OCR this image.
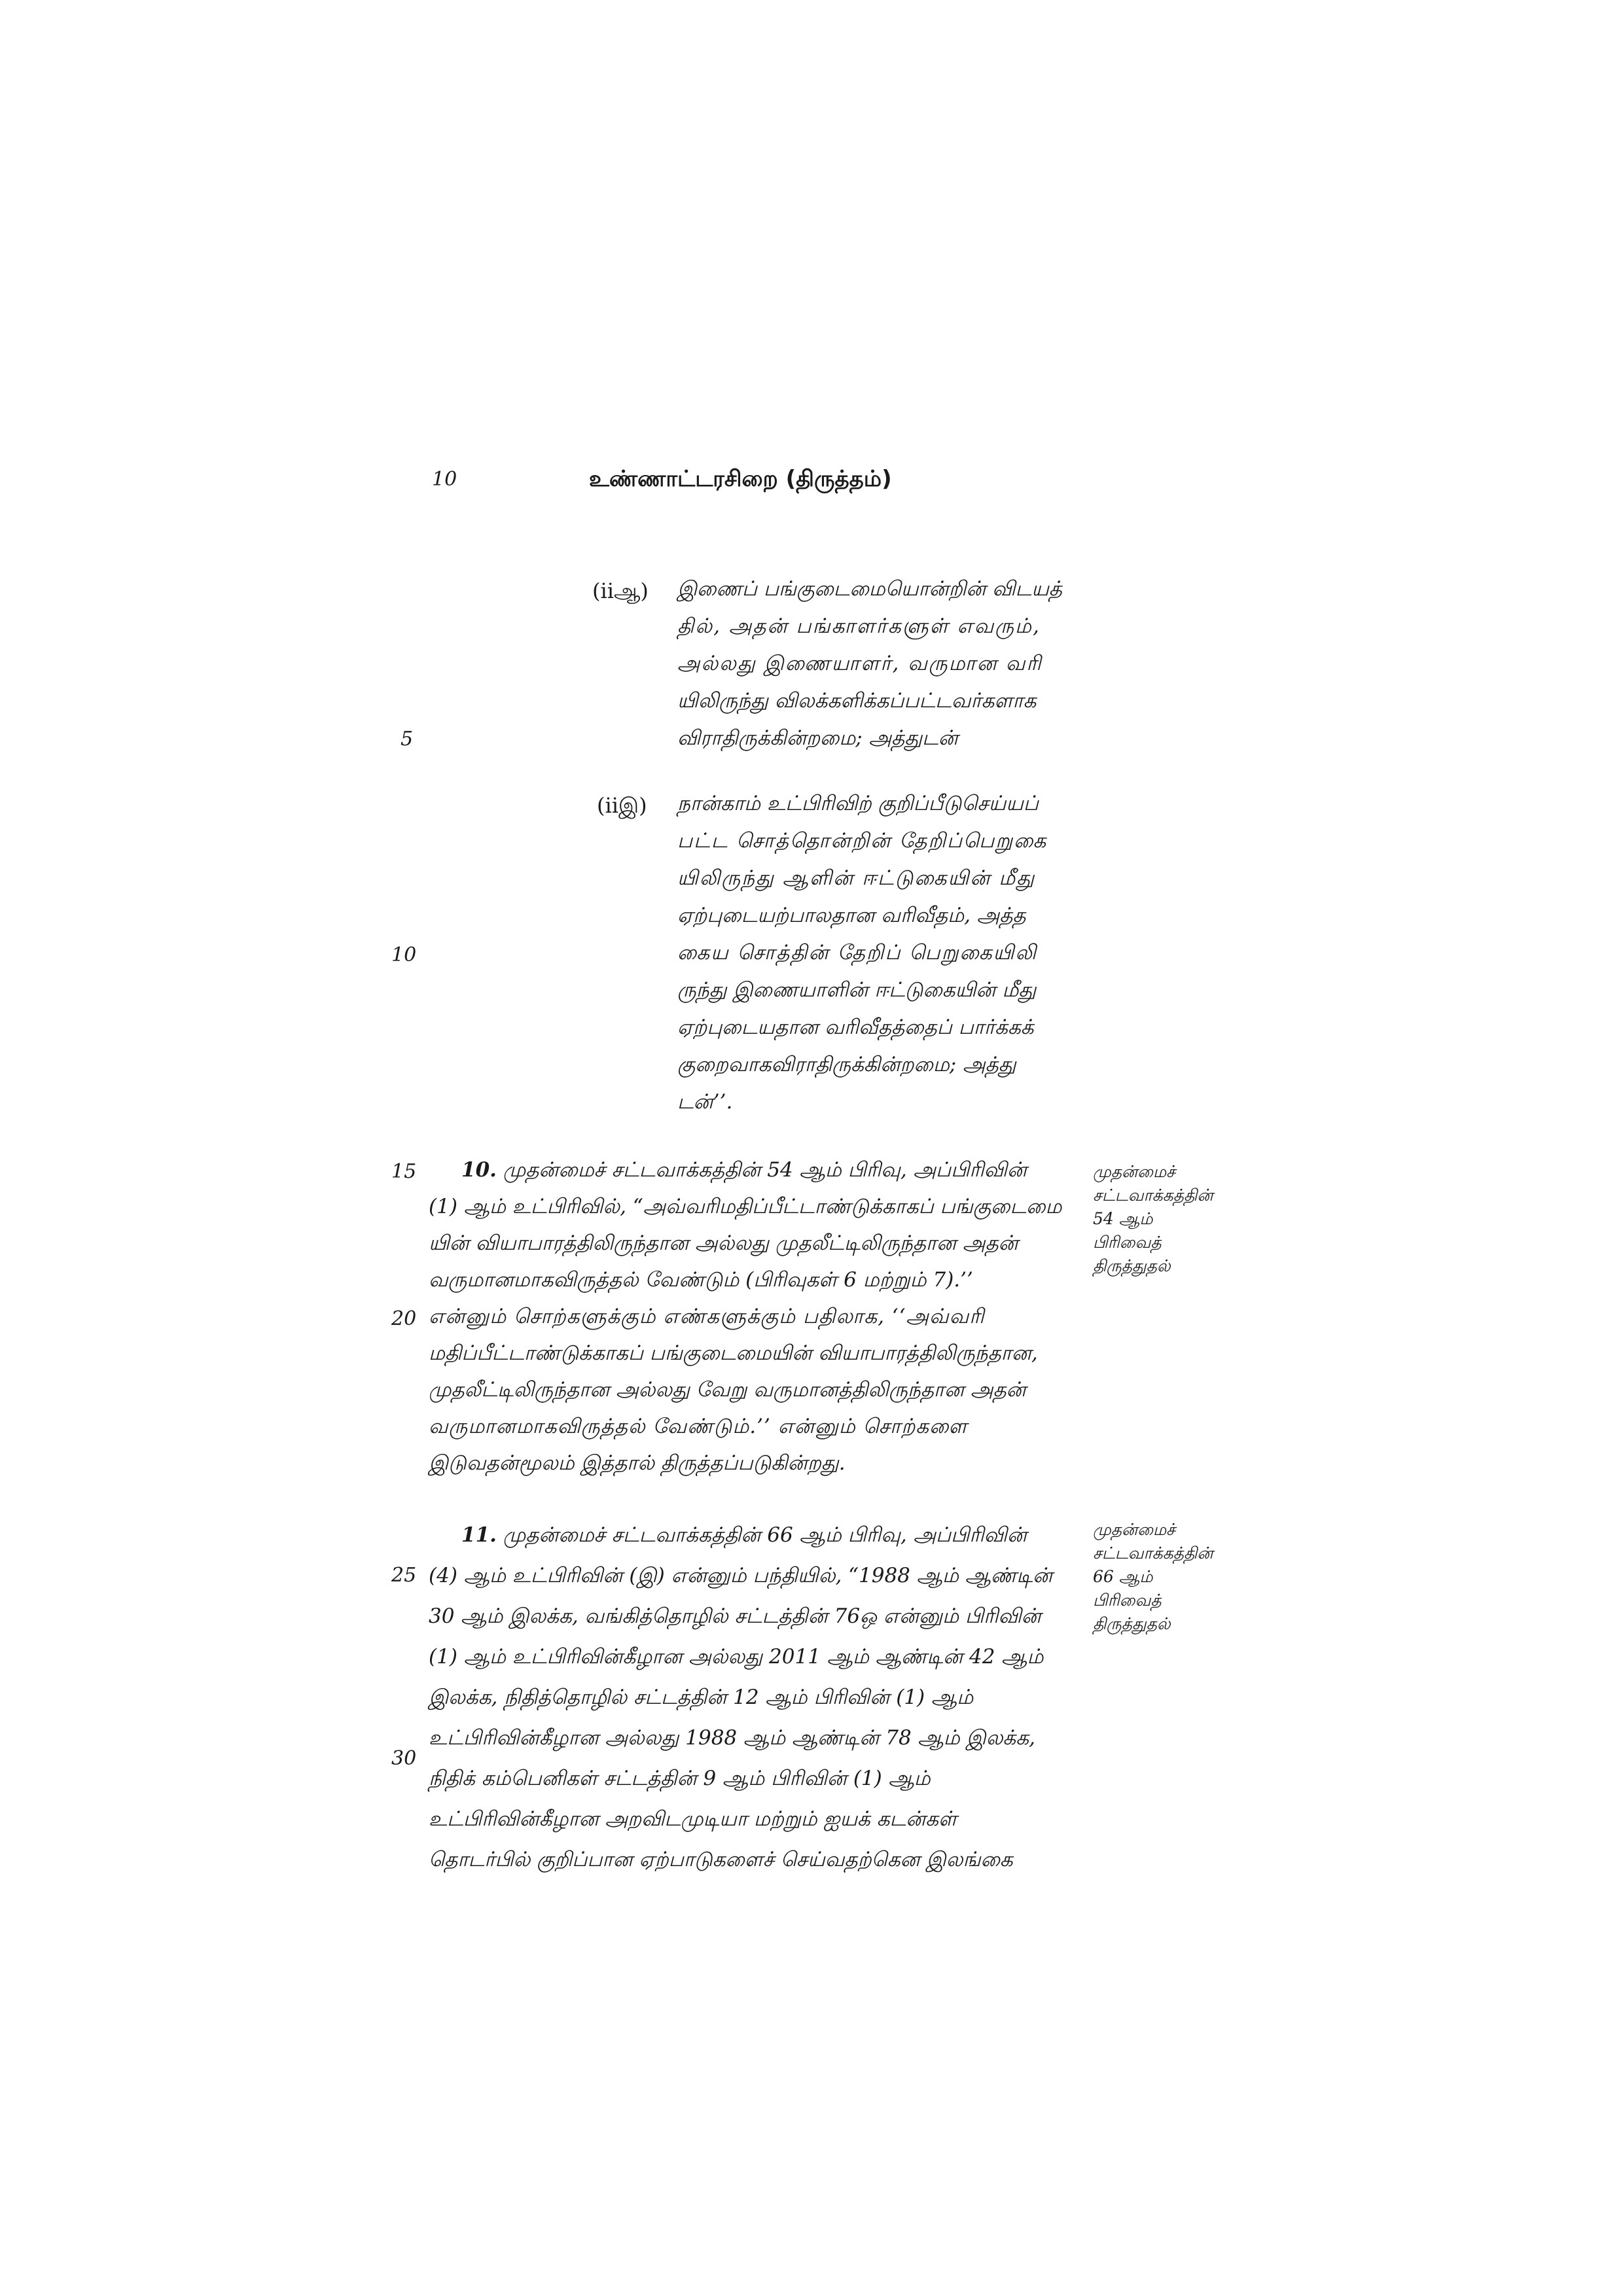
10	உண்ணாட்டரசிறை (திருத்தம்)
5
10
15
20
25
30
(iiஆ) இணைப் பங்குடைமையொன்றின் விடயத்
தில், அதன் பங்காளர்களுள் எவரும்,
அல்லது இணையாளர், வருமான வரி
யிலிருந்து விலக்களிக்கப்பட்டவர்களாக
விராதிருக்கின்றமை; அத்துடன்
(iiஇ) நான்காம் உட்பிரிவிற் குறிப்பீடுசெய்யப்
பட்ட சொத்தொன்றின் தேறிப்பெறுகை
யிலிருந்து ஆளின் ஈட்டுகையின் மீது
ஏற்புடையற்பாலதான வரிவீதம், அத்த
கைய சொத்தின் தேறிப் பெறுகையிலி
ருந்து இணையாளின் ஈட்டுகையின் மீது
ஏற்புடையதான வரிவீதத்தைப் பார்க்கக்
குறைவாகவிராதிருக்கின்றமை; அத்து
டன்’’.
10. முதன்மைச் சட்டவாக்கத்தின் 54 ஆம் பிரிவு, அப்பிரிவின்
(1) ஆம் உட்பிரிவில், “அவ்வரிமதிப்பீட்டாண்டுக்காகப் பங்குடைமை
யின் வியாபாரத்திலிருந்தான அல்லது முதலீட்டிலிருந்தான அதன்
வருமானமாகவிருத்தல் வேண்டும் (பிரிவுகள் 6 மற்றும் 7).’’
என்னும் சொற்களுக்கும் எண்களுக்கும் பதிலாக, ‘‘அவ்வரி
மதிப்பீட்டாண்டுக்காகப் பங்குடைமையின் வியாபாரத்திலிருந்தான,
முதலீட்டிலிருந்தான அல்லது வேறு வருமானத்திலிருந்தான அதன்
வருமானமாகவிருத்தல் வேண்டும்.’’ என்னும் சொற்களை
இடுவதன்மூலம் இத்தால் திருத்தப்படுகின்றது.
முதன்மைச்
சட்டவாக்கத்தின்
54 ஆம்
பிரிவைத்
திருத்துதல்
11. முதன்மைச் சட்டவாக்கத்தின் 66 ஆம் பிரிவு, அப்பிரிவின்
(4) ஆம் உட்பிரிவின் (இ) என்னும் பந்தியில், “1988 ஆம் ஆண்டின்
30 ஆம் இலக்க, வங்கித்தொழில் சட்டத்தின் 76ஒ என்னும் பிரிவின்
(1) ஆம் உட்பிரிவின்கீழான அல்லது 2011 ஆம் ஆண்டின் 42 ஆம்
இலக்க, நிதித்தொழில் சட்டத்தின் 12 ஆம் பிரிவின் (1) ஆம்
உட்பிரிவின்கீழான அல்லது 1988 ஆம் ஆண்டின் 78 ஆம் இலக்க,
நிதிக் கம்பெனிகள் சட்டத்தின் 9 ஆம் பிரிவின் (1) ஆம்
உட்பிரிவின்கீழான அறவிடமுடியா மற்றும் ஐயக் கடன்கள்
தொடர்பில் குறிப்பான ஏற்பாடுகளைச் செய்வதற்கென இலங்கை
முதன்மைச்
சட்டவாக்கத்தின்
66 ஆம்
பிரிவைத்
திருத்துதல்
